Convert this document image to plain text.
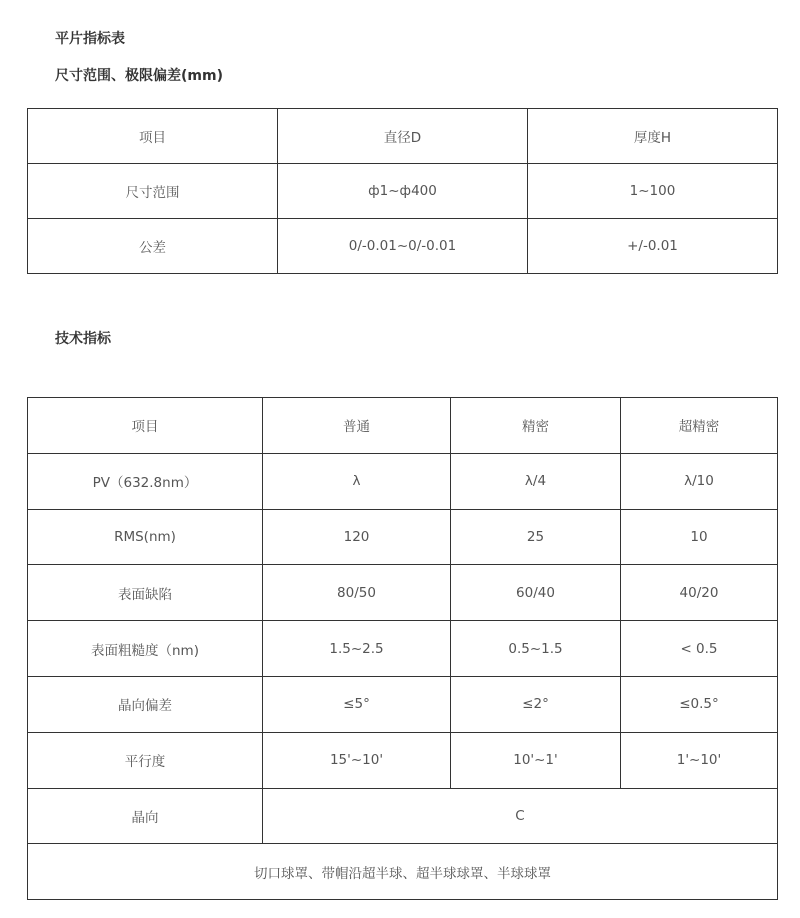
平片指标表
尺寸范围、极限偏差(mm)
项目	直径D	厚度H
尺寸范围	ф1~ф400	1~100
公差	0/-0.01~0/-0.01	+/-0.01
技术指标
项目	普通	精密	超精密
PV（632.8nm）	λ	λ/4	λ/10
RMS(nm)	120	25	10
表面缺陷	80/50	60/40	40/20
表面粗糙度（nm)	1.5~2.5	0.5~1.5	< 0.5
晶向偏差	≤5°	≤2°	≤0.5°
平行度	15'~10'	10'~1'	1'~10'
晶向	C		
切口球罩、带帽沿超半球、超半球球罩、半球球罩			
